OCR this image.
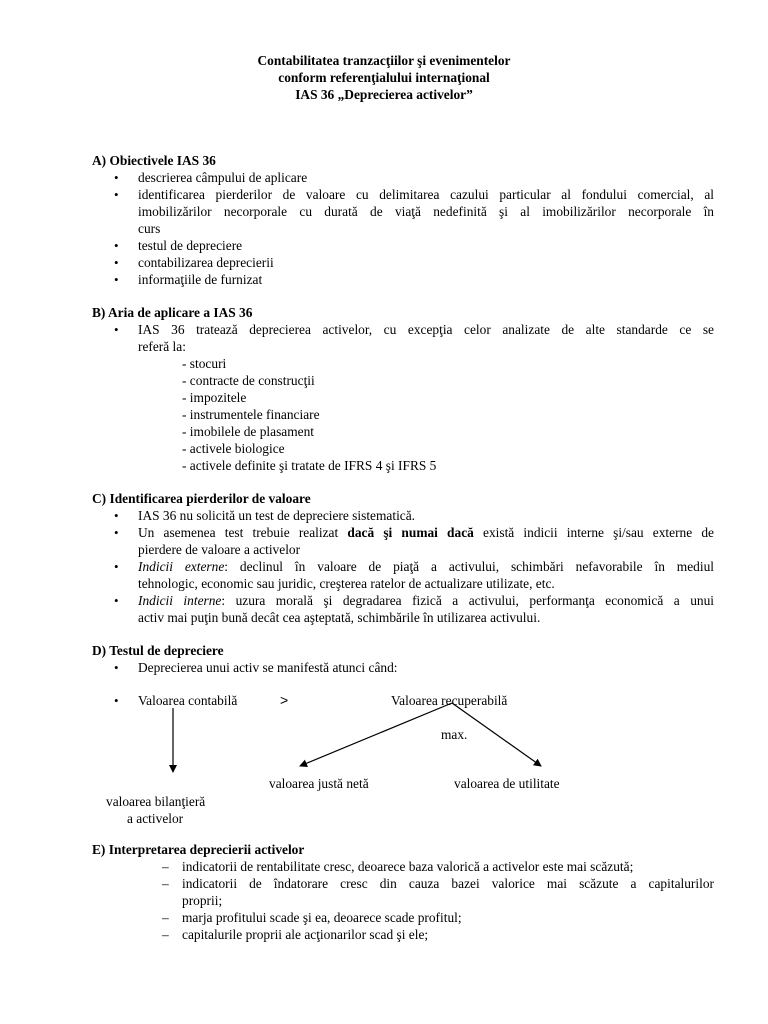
Contabilitatea tranzacţiilor şi evenimentelor
conform referenţialului internaţional
IAS 36 „Deprecierea activelor”
A) Obiectivele IAS 36
• descrierea câmpului de aplicare
• identificarea pierderilor de valoare cu delimitarea cazului particular al fondului comercial, al
imobilizărilor necorporale cu durată de viaţă nedefinită şi al imobilizărilor necorporale în
curs
• testul de depreciere
• contabilizarea deprecierii
• informaţiile de furnizat
B) Aria de aplicare a IAS 36
• IAS 36 tratează deprecierea activelor, cu excepţia celor analizate de alte standarde ce se
referă la:
- stocuri
- contracte de construcţii
- impozitele
- instrumentele financiare
- imobilele de plasament
- activele biologice
- activele definite şi tratate de IFRS 4 şi IFRS 5
C) Identificarea pierderilor de valoare
• IAS 36 nu solicită un test de depreciere sistematică.
• Un asemenea test trebuie realizat dacă şi numai dacă există indicii interne şi/sau externe de
pierdere de valoare a activelor
• Indicii externe: declinul în valoare de piaţă a activului, schimbări nefavorabile în mediul
tehnologic, economic sau juridic, creşterea ratelor de actualizare utilizate, etc.
• Indicii interne: uzura morală şi degradarea fizică a activului, performanţa economică a unui
activ mai puţin bună decât cea aşteptată, schimbările în utilizarea activului.
D) Testul de depreciere
• Deprecierea unui activ se manifestă atunci când:
• Valoarea contabilă	>	Valoarea recuperabilă
max.
valoarea justă netă	valoarea de utilitate
valoarea bilanţieră
a activelor
E) Interpretarea deprecierii activelor
– indicatorii de rentabilitate cresc, deoarece baza valorică a activelor este mai scăzută;
– indicatorii de îndatorare cresc din cauza bazei valorice mai scăzute a capitalurilor
proprii;
– marja profitului scade şi ea, deoarece scade profitul;
– capitalurile proprii ale acţionarilor scad şi ele;
